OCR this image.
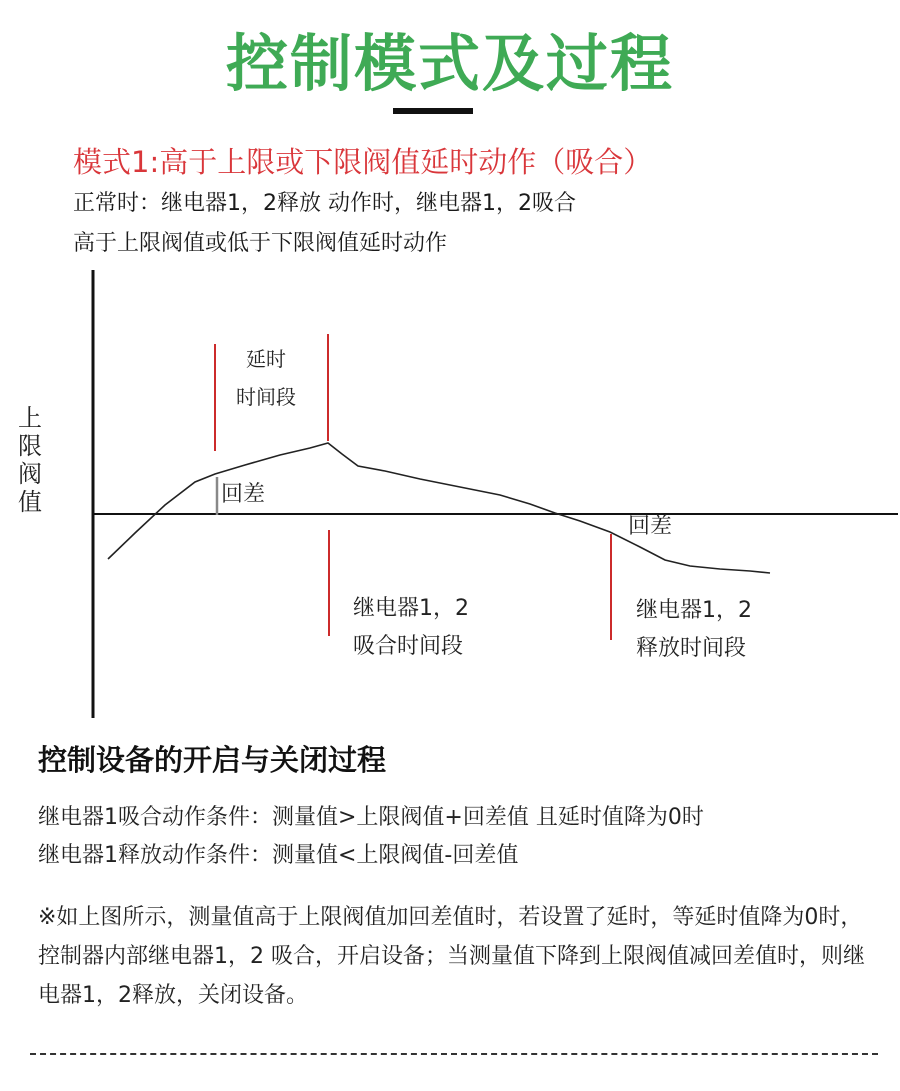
控制模式及过程
模式1:高于上限或下限阀值延时动作（吸合）
正常时：继电器1，2释放 动作时，继电器1，2吸合
高于上限阀值或低于下限阀值延时动作
上限阀值
延时
时间段
回差
回差
继电器1，2
吸合时间段
继电器1，2
释放时间段
控制设备的开启与关闭过程
继电器1吸合动作条件：测量值>上限阀值+回差值 且延时值降为0时
继电器1释放动作条件：测量值<上限阀值-回差值
※如上图所示，测量值高于上限阀值加回差值时，若设置了延时，等延时值降为0时，控制器内部继电器1，2 吸合，开启设备；当测量值下降到上限阀值减回差值时，则继电器1，2释放，关闭设备。
